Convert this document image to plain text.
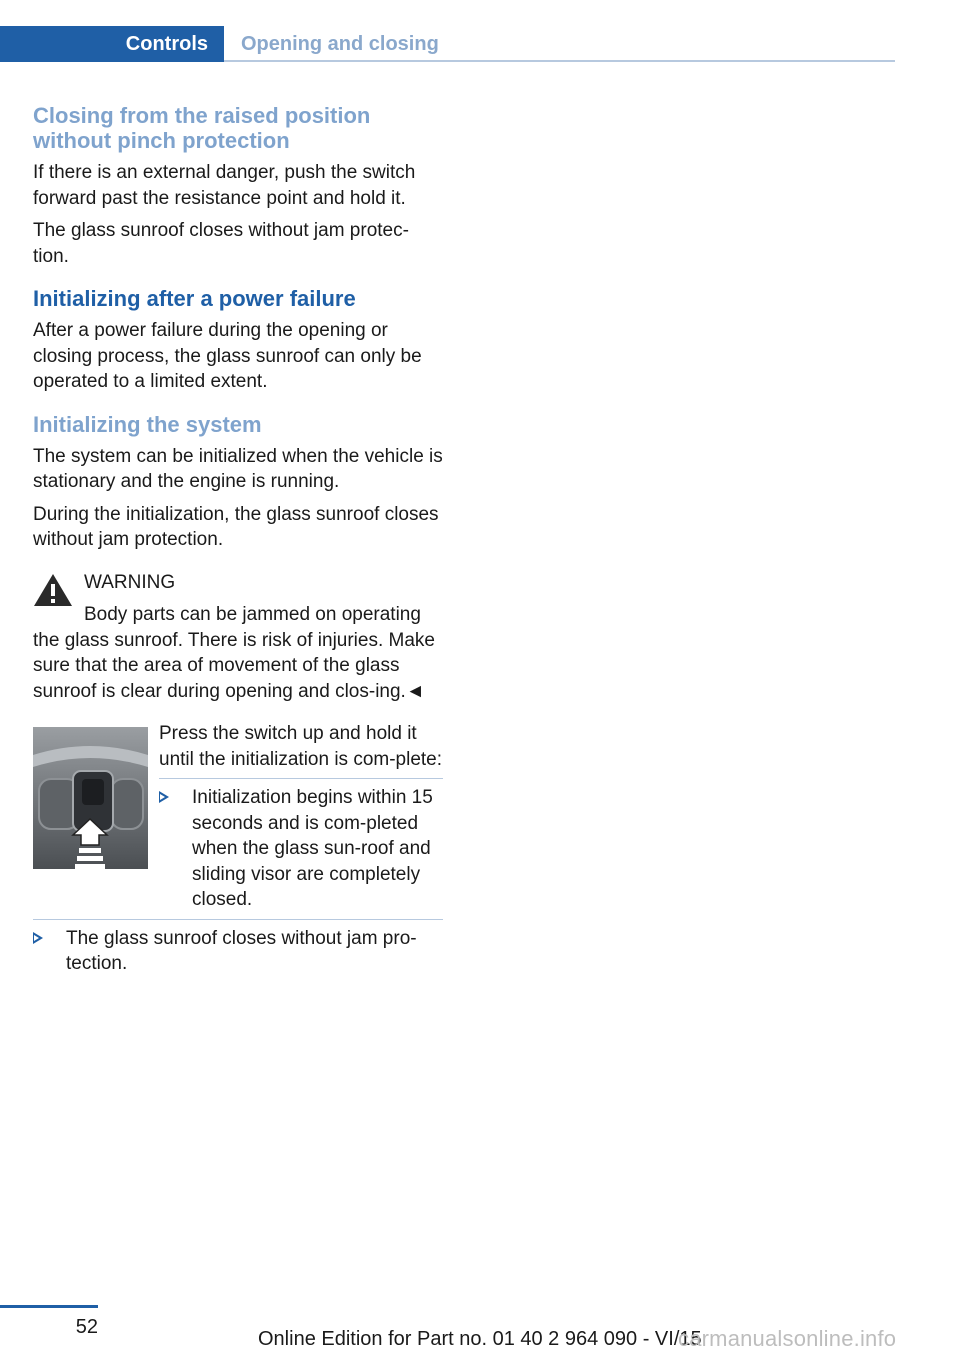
Controls	Opening and closing
Closing from the raised position without pinch protection

If there is an external danger, push the switch forward past the resistance point and hold it.

The glass sunroof closes without jam protec‐tion.

Initializing after a power failure

After a power failure during the opening or closing process, the glass sunroof can only be operated to a limited extent.

Initializing the system

The system can be initialized when the vehicle is stationary and the engine is running.

During the initialization, the glass sunroof closes without jam protection.

WARNING

Body parts can be jammed on operating

the glass sunroof. There is risk of injuries. Make sure that the area of movement of the glass sunroof is clear during opening and clos‐ing.◄

Press the switch up and hold it until the initialization is com‐plete:

Initialization begins within 15 seconds and is com‐pleted when the glass sun‐roof and sliding visor are completely closed.

The glass sunroof closes without jam pro‐tection.

52
Online Edition for Part no. 01 40 2 964 090 - VI/15
carmanualsonline.info
